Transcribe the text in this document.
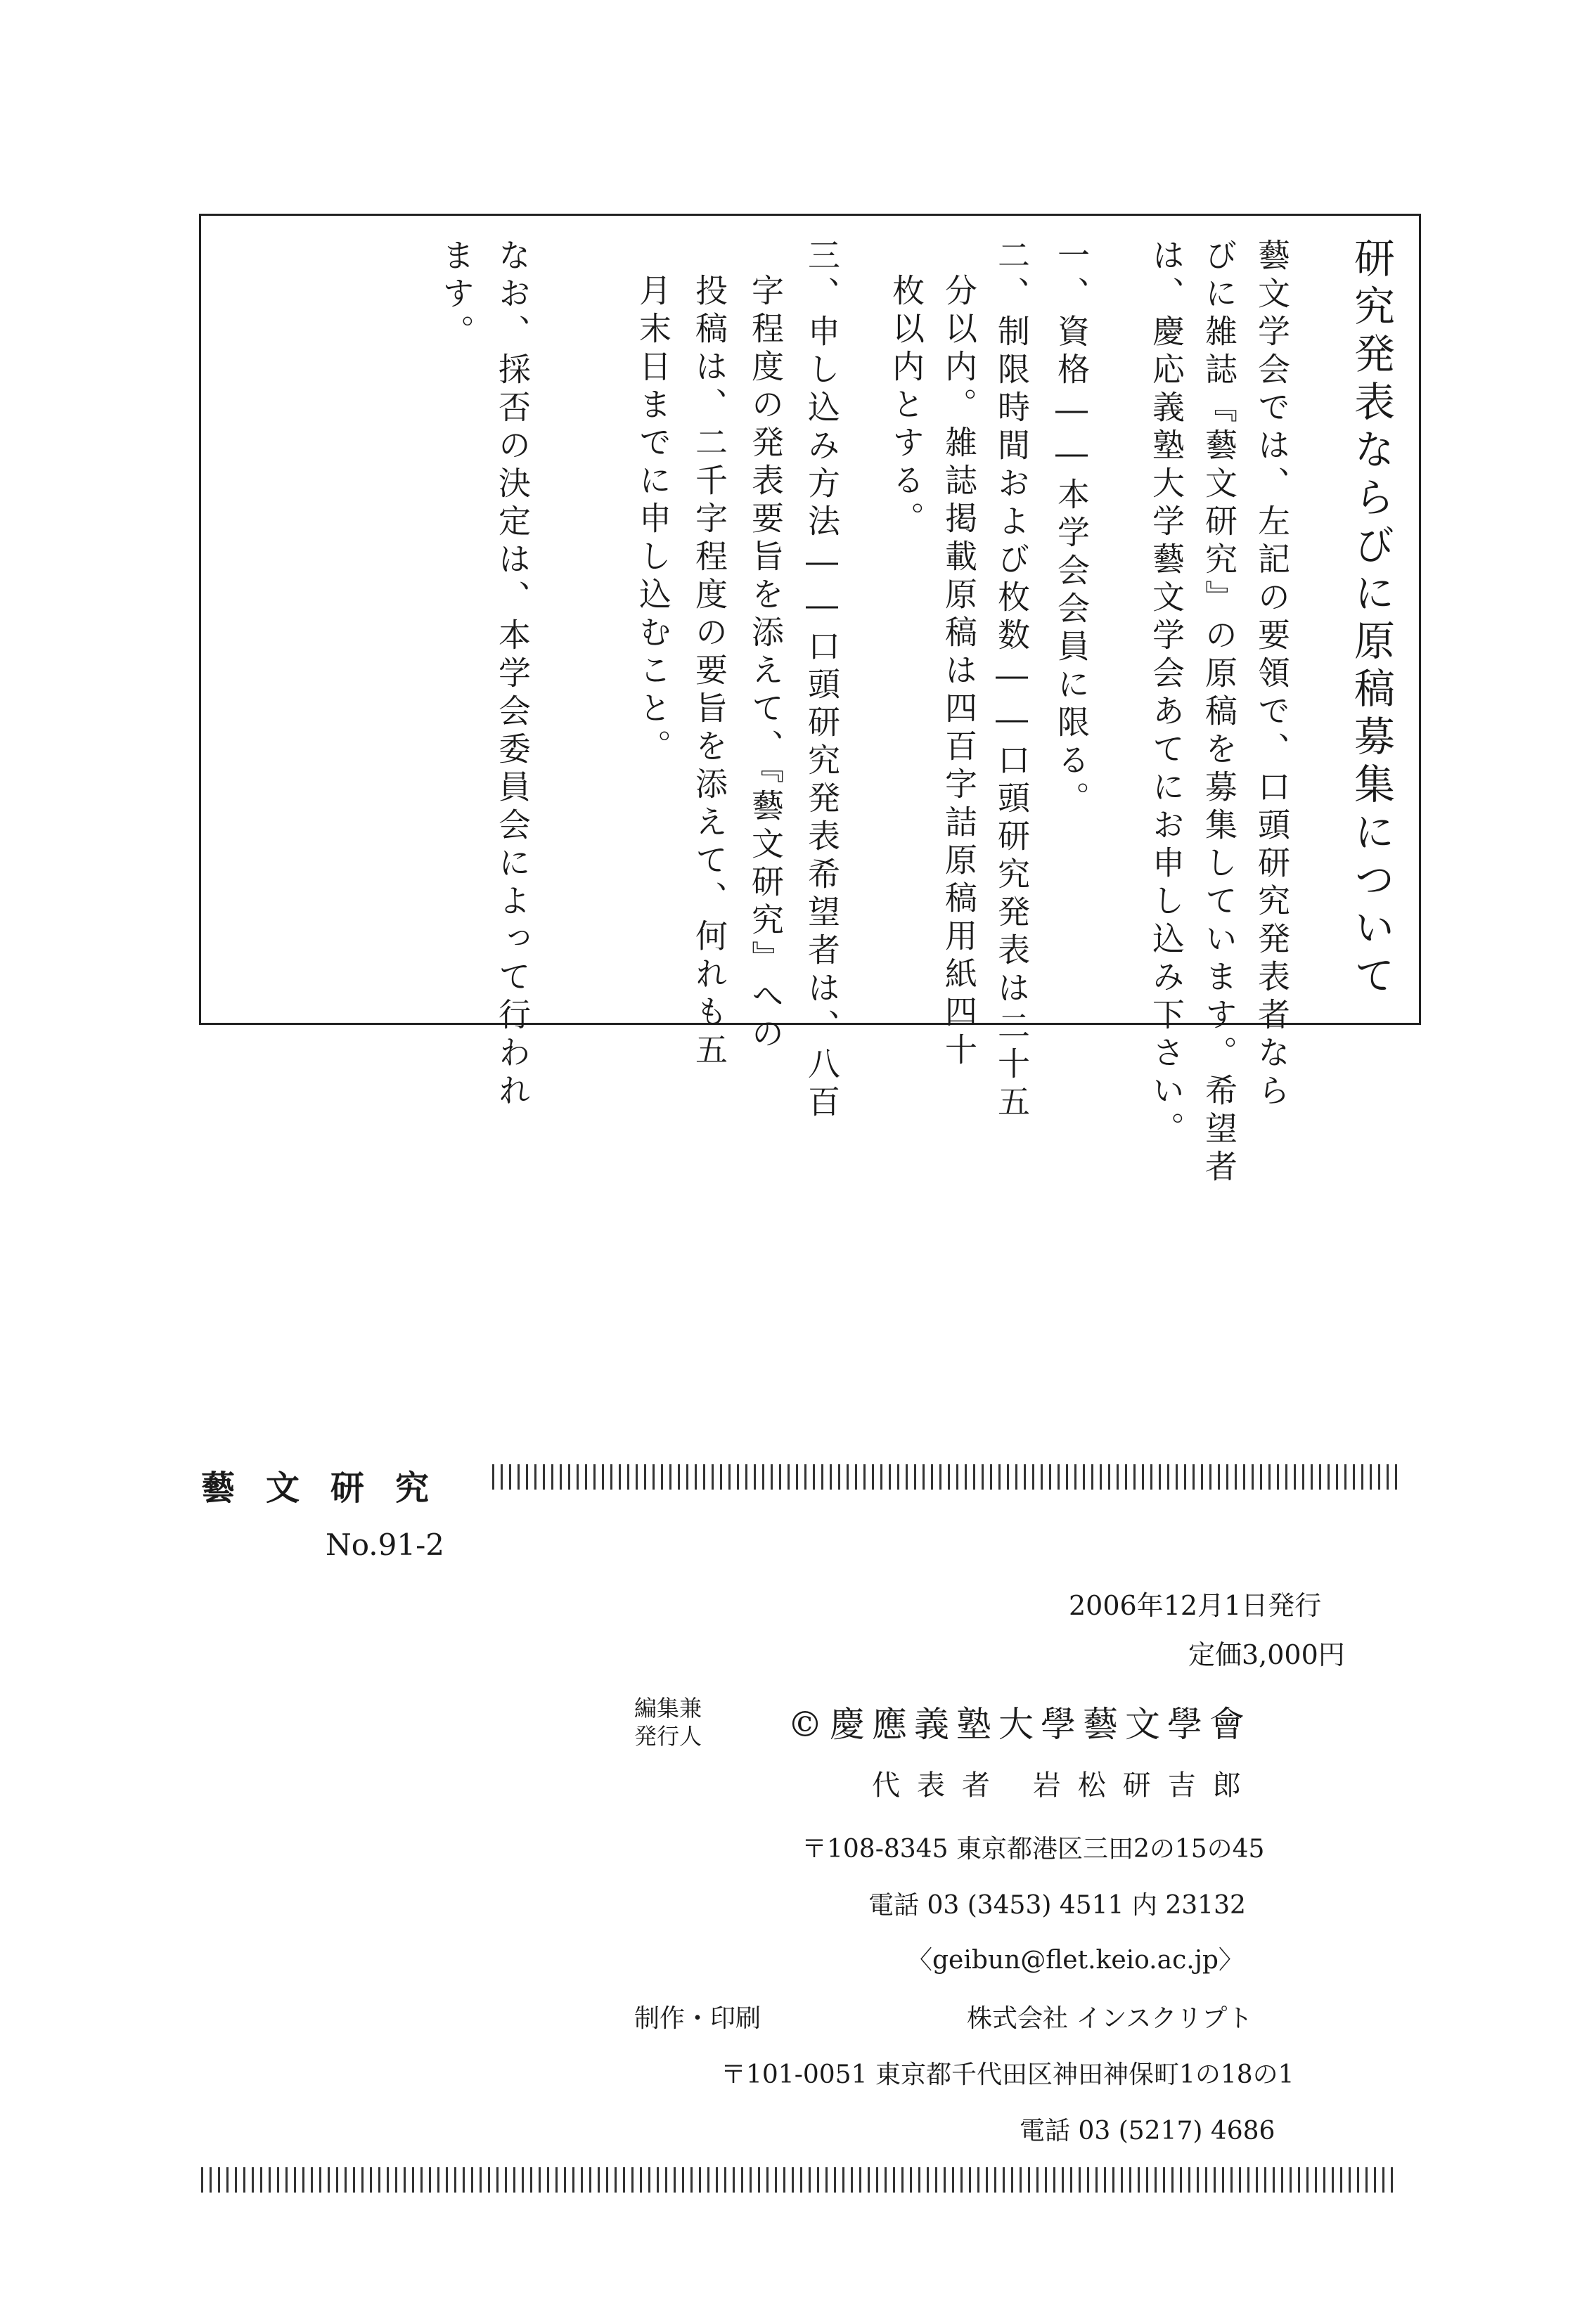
研究発表ならびに原稿募集について
藝文学会では、左記の要領で、口頭研究発表者なら
びに雑誌『藝文研究』の原稿を募集しています。希望者
は、慶応義塾大学藝文学会あてにお申し込み下さい。
一、資格――本学会会員に限る。
二、制限時間および枚数――口頭研究発表は二十五
分以内。雑誌掲載原稿は四百字詰原稿用紙四十
枚以内とする。
三、申し込み方法――口頭研究発表希望者は、八百
字程度の発表要旨を添えて、『藝文研究』への
投稿は、二千字程度の要旨を添えて、何れも五
月末日までに申し込むこと。
なお、採否の決定は、本学会委員会によって行われ
ます。
藝文研究
No.91-2
2006年12月1日発行
定価3,000円
編集兼
発行人 ©慶應義塾大學藝文學會
代表者 岩松研吉郎
〒108-8345 東京都港区三田2の15の45
電話 03 (3453) 4511 内 23132
〈geibun@flet.keio.ac.jp〉
制作・印刷	株式会社 インスクリプト
〒101-0051 東京都千代田区神田神保町1の18の1
電話 03 (5217) 4686
